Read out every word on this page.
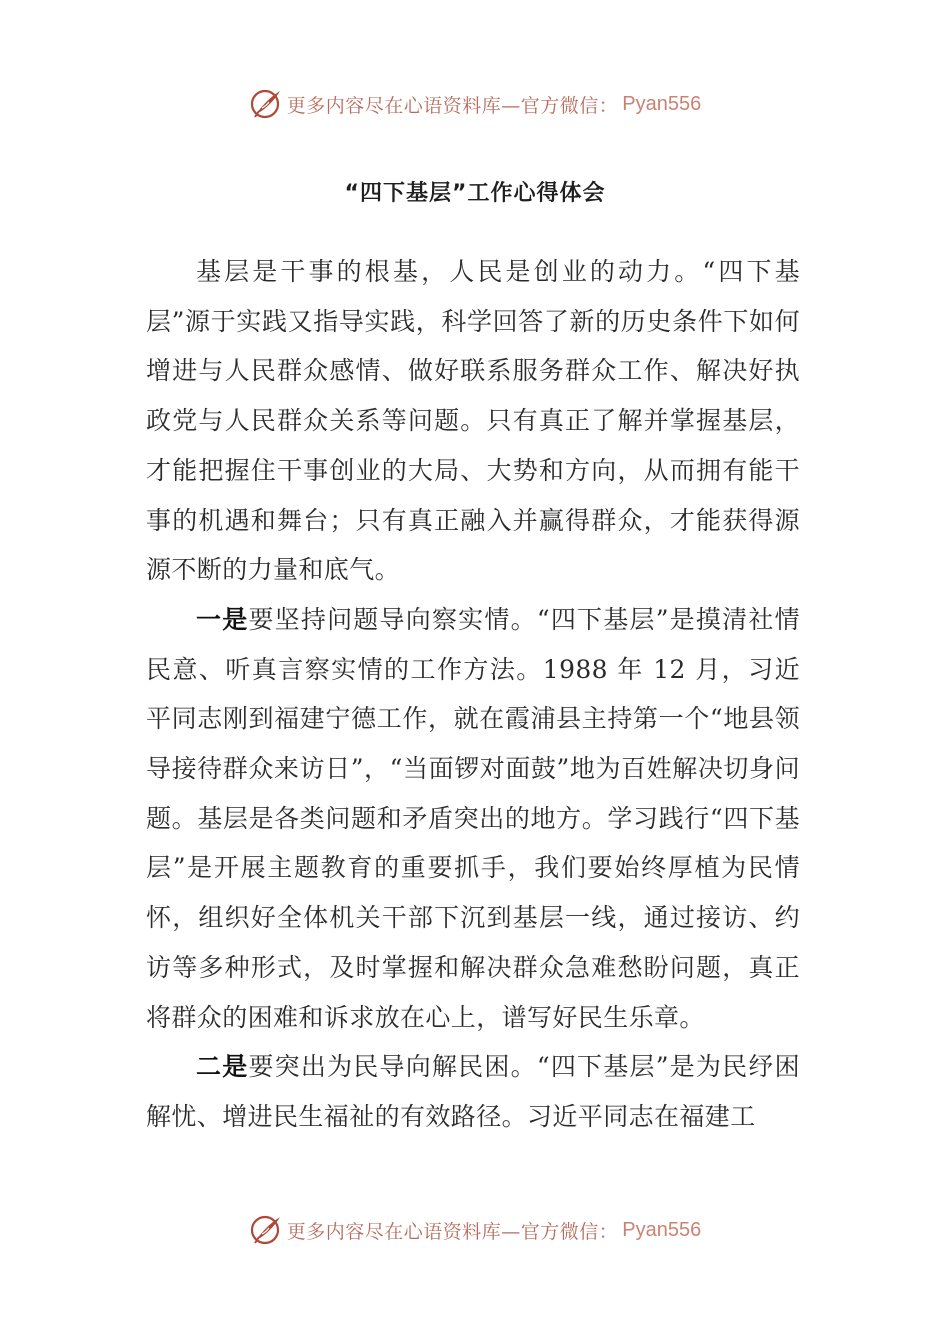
更多内容尽在心语资料库—官方微信： Pyan556
“四下基层”工作心得体会

基层是干事的根基，人民是创业的动力。“四下基层”源于实践又指导实践，科学回答了新的历史条件下如何增进与人民群众感情、做好联系服务群众工作、解决好执政党与人民群众关系等问题。只有真正了解并掌握基层，才能把握住干事创业的大局、大势和方向，从而拥有能干事的机遇和舞台；只有真正融入并赢得群众，才能获得源源不断的力量和底气。

一是要坚持问题导向察实情。“四下基层”是摸清社情民意、听真言察实情的工作方法。1988 年 12 月，习近平同志刚到福建宁德工作，就在霞浦县主持第一个“地县领导接待群众来访日”，“当面锣对面鼓”地为百姓解决切身问题。基层是各类问题和矛盾突出的地方。学习践行“四下基层”是开展主题教育的重要抓手，我们要始终厚植为民情怀，组织好全体机关干部下沉到基层一线，通过接访、约访等多种形式，及时掌握和解决群众急难愁盼问题，真正将群众的困难和诉求放在心上，谱写好民生乐章。

二是要突出为民导向解民困。“四下基层”是为民纾困解忧、增进民生福祉的有效路径。习近平同志在福建工

更多内容尽在心语资料库—官方微信： Pyan556
